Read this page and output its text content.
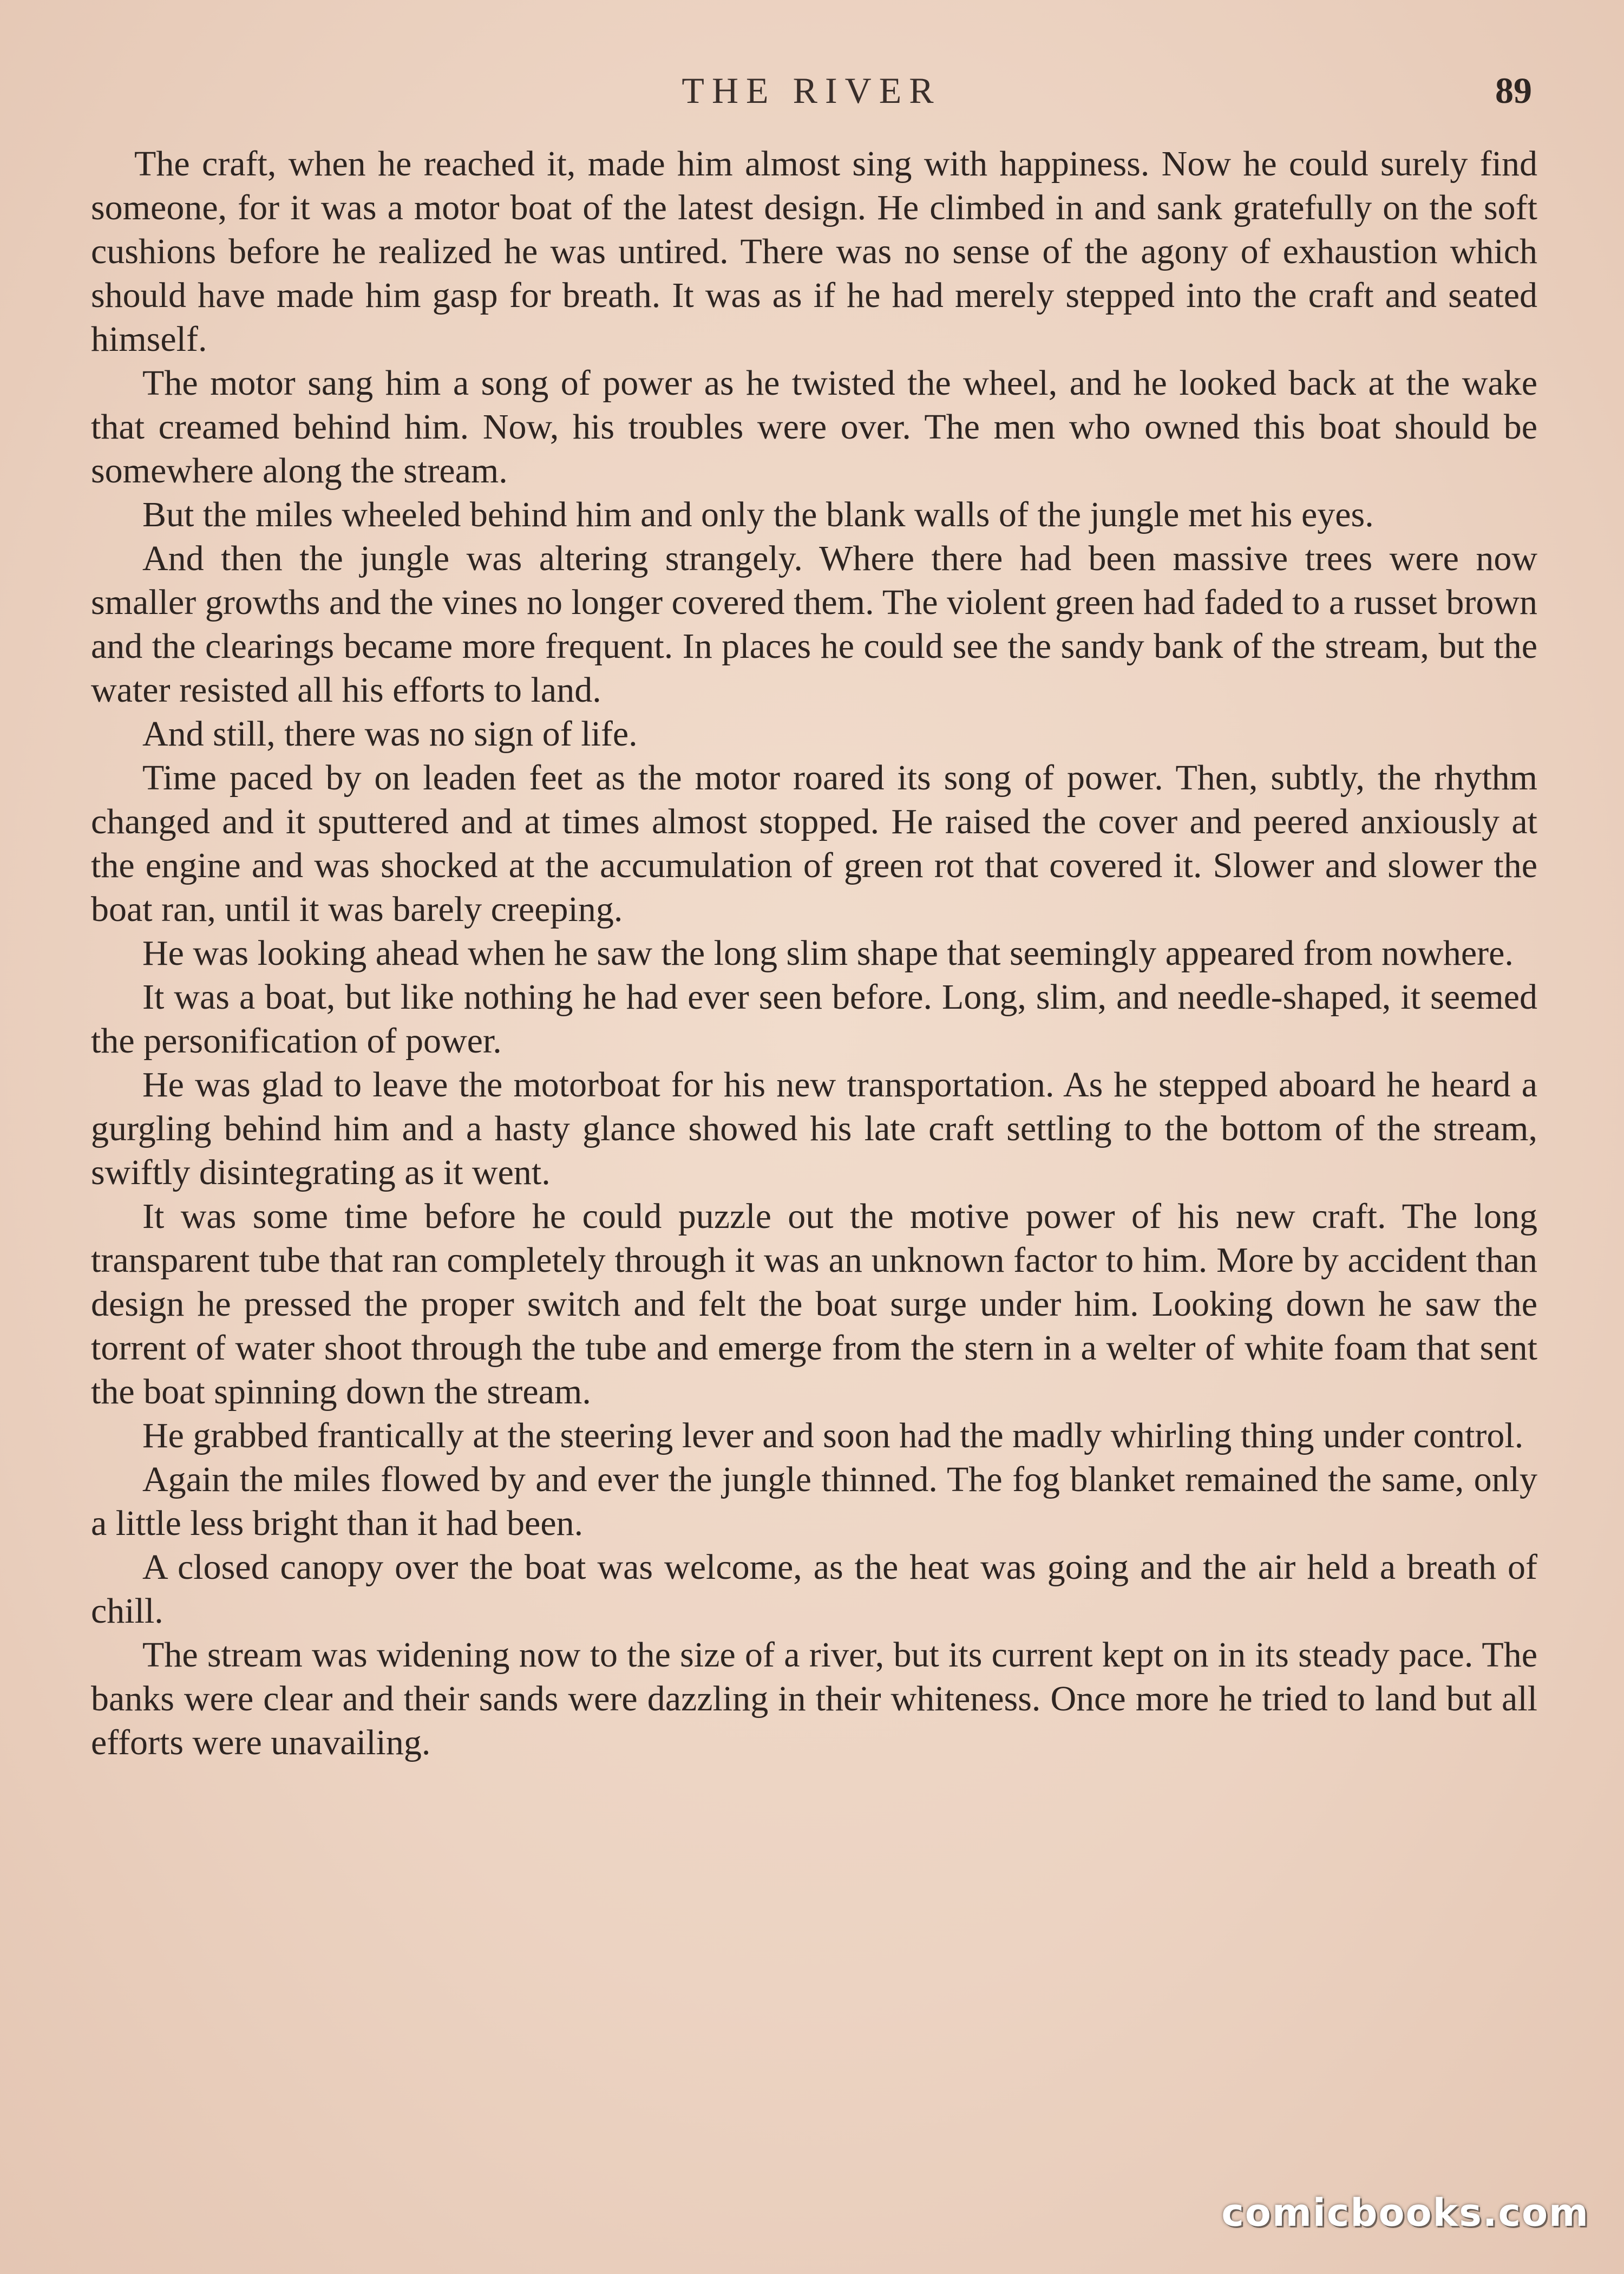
THE RIVER	89

The craft, when he reached it, made him almost sing with happiness. Now he could surely find someone, for it was a motor boat of the latest design. He climbed in and sank gratefully on the soft cushions before he realized he was untired. There was no sense of the agony of exhaustion which should have made him gasp for breath. It was as if he had merely stepped into the craft and seated himself.

The motor sang him a song of power as he twisted the wheel, and he looked back at the wake that creamed behind him. Now, his troubles were over. The men who owned this boat should be somewhere along the stream.

But the miles wheeled behind him and only the blank walls of the jungle met his eyes.

And then the jungle was altering strangely. Where there had been massive trees were now smaller growths and the vines no longer covered them. The violent green had faded to a russet brown and the clearings became more frequent. In places he could see the sandy bank of the stream, but the water resisted all his efforts to land.

And still, there was no sign of life.

Time paced by on leaden feet as the motor roared its song of power. Then, subtly, the rhythm changed and it sputtered and at times almost stopped. He raised the cover and peered anxiously at the engine and was shocked at the accumulation of green rot that covered it. Slower and slower the boat ran, until it was barely creeping.

He was looking ahead when he saw the long slim shape that seemingly appeared from nowhere.

It was a boat, but like nothing he had ever seen before. Long, slim, and needle-shaped, it seemed the personification of power.

He was glad to leave the motorboat for his new transportation. As he stepped aboard he heard a gurgling behind him and a hasty glance showed his late craft settling to the bottom of the stream, swiftly disintegrating as it went.

It was some time before he could puzzle out the motive power of his new craft. The long transparent tube that ran completely through it was an unknown factor to him. More by accident than design he pressed the proper switch and felt the boat surge under him. Looking down he saw the torrent of water shoot through the tube and emerge from the stern in a welter of white foam that sent the boat spinning down the stream.

He grabbed frantically at the steering lever and soon had the madly whirling thing under control.

Again the miles flowed by and ever the jungle thinned. The fog blanket remained the same, only a little less bright than it had been.

A closed canopy over the boat was welcome, as the heat was going and the air held a breath of chill.

The stream was widening now to the size of a river, but its current kept on in its steady pace. The banks were clear and their sands were dazzling in their whiteness. Once more he tried to land but all efforts were unavailing.

comicbooks.com
